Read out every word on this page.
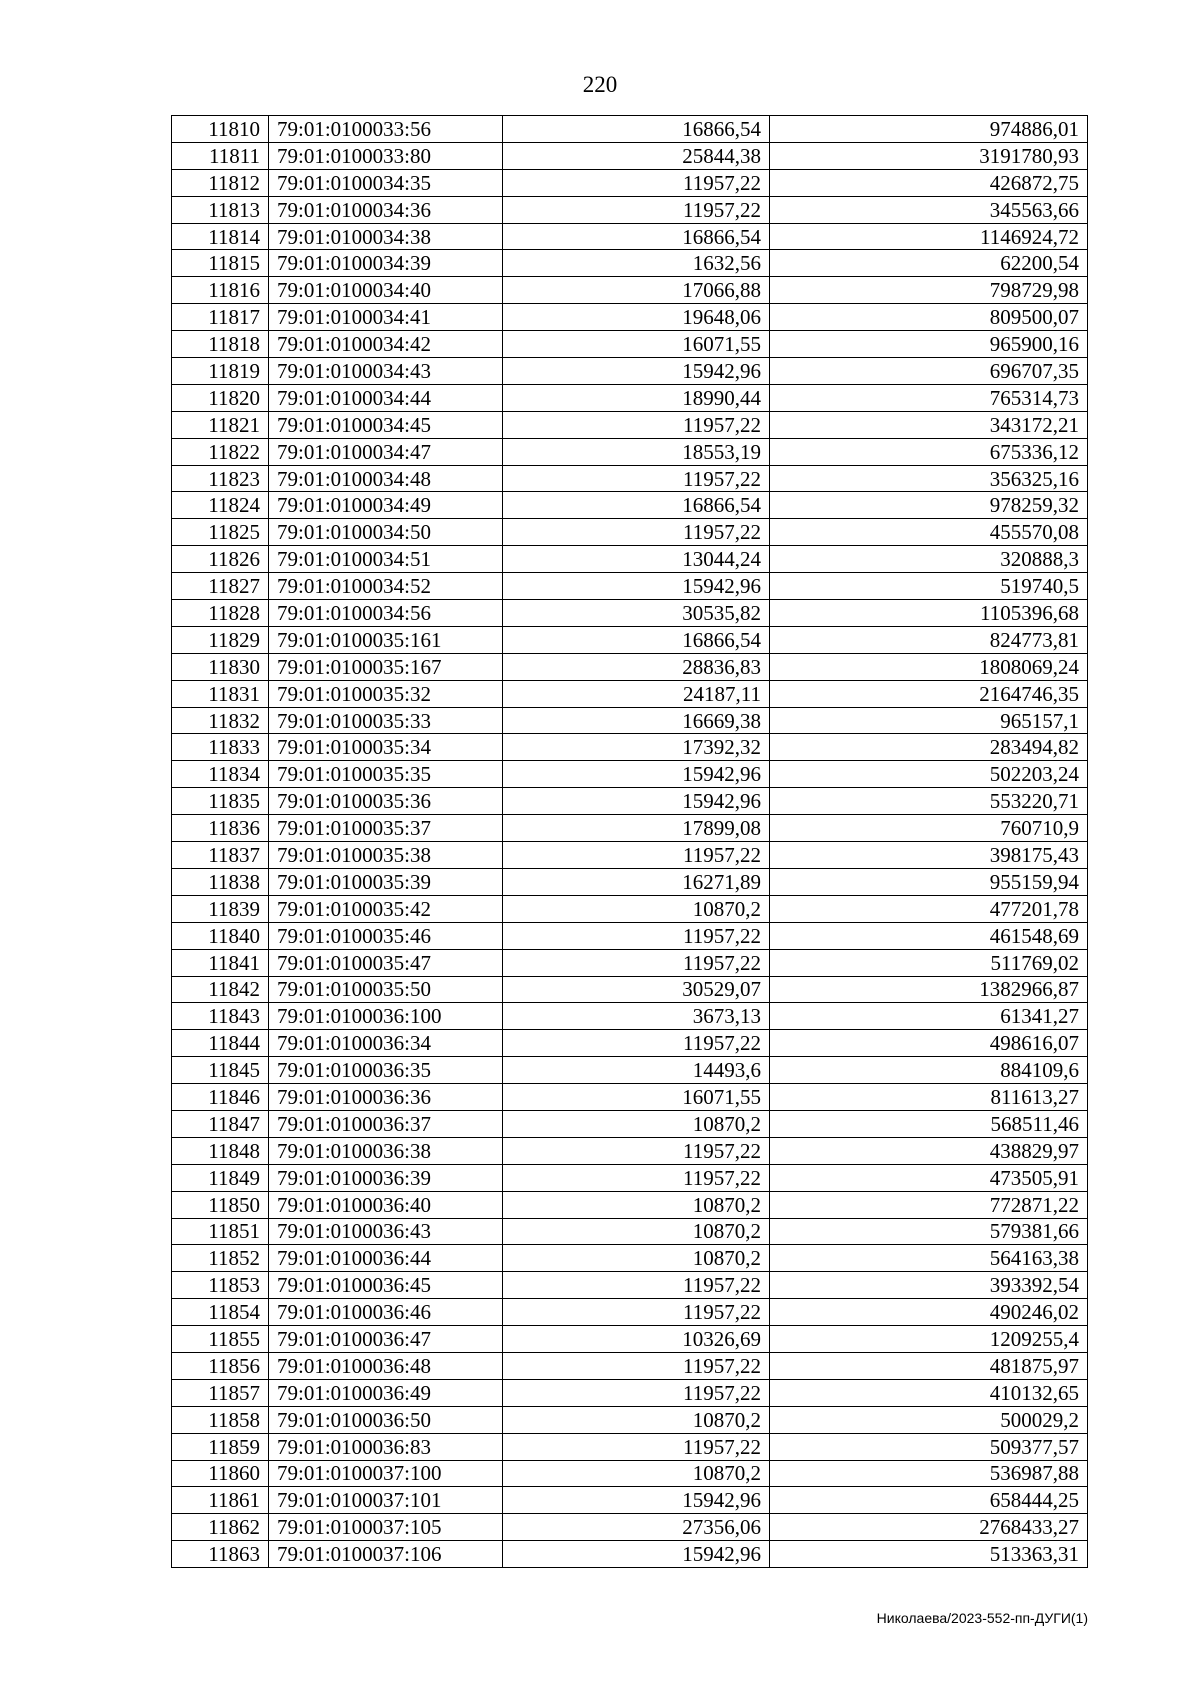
220
11810	79:01:0100033:56	16866,54	974886,01
11811	79:01:0100033:80	25844,38	3191780,93
11812	79:01:0100034:35	11957,22	426872,75
11813	79:01:0100034:36	11957,22	345563,66
11814	79:01:0100034:38	16866,54	1146924,72
11815	79:01:0100034:39	1632,56	62200,54
11816	79:01:0100034:40	17066,88	798729,98
11817	79:01:0100034:41	19648,06	809500,07
11818	79:01:0100034:42	16071,55	965900,16
11819	79:01:0100034:43	15942,96	696707,35
11820	79:01:0100034:44	18990,44	765314,73
11821	79:01:0100034:45	11957,22	343172,21
11822	79:01:0100034:47	18553,19	675336,12
11823	79:01:0100034:48	11957,22	356325,16
11824	79:01:0100034:49	16866,54	978259,32
11825	79:01:0100034:50	11957,22	455570,08
11826	79:01:0100034:51	13044,24	320888,3
11827	79:01:0100034:52	15942,96	519740,5
11828	79:01:0100034:56	30535,82	1105396,68
11829	79:01:0100035:161	16866,54	824773,81
11830	79:01:0100035:167	28836,83	1808069,24
11831	79:01:0100035:32	24187,11	2164746,35
11832	79:01:0100035:33	16669,38	965157,1
11833	79:01:0100035:34	17392,32	283494,82
11834	79:01:0100035:35	15942,96	502203,24
11835	79:01:0100035:36	15942,96	553220,71
11836	79:01:0100035:37	17899,08	760710,9
11837	79:01:0100035:38	11957,22	398175,43
11838	79:01:0100035:39	16271,89	955159,94
11839	79:01:0100035:42	10870,2	477201,78
11840	79:01:0100035:46	11957,22	461548,69
11841	79:01:0100035:47	11957,22	511769,02
11842	79:01:0100035:50	30529,07	1382966,87
11843	79:01:0100036:100	3673,13	61341,27
11844	79:01:0100036:34	11957,22	498616,07
11845	79:01:0100036:35	14493,6	884109,6
11846	79:01:0100036:36	16071,55	811613,27
11847	79:01:0100036:37	10870,2	568511,46
11848	79:01:0100036:38	11957,22	438829,97
11849	79:01:0100036:39	11957,22	473505,91
11850	79:01:0100036:40	10870,2	772871,22
11851	79:01:0100036:43	10870,2	579381,66
11852	79:01:0100036:44	10870,2	564163,38
11853	79:01:0100036:45	11957,22	393392,54
11854	79:01:0100036:46	11957,22	490246,02
11855	79:01:0100036:47	10326,69	1209255,4
11856	79:01:0100036:48	11957,22	481875,97
11857	79:01:0100036:49	11957,22	410132,65
11858	79:01:0100036:50	10870,2	500029,2
11859	79:01:0100036:83	11957,22	509377,57
11860	79:01:0100037:100	10870,2	536987,88
11861	79:01:0100037:101	15942,96	658444,25
11862	79:01:0100037:105	27356,06	2768433,27
11863	79:01:0100037:106	15942,96	513363,31
Николаева/2023-552-пп-ДУГИ(1)
